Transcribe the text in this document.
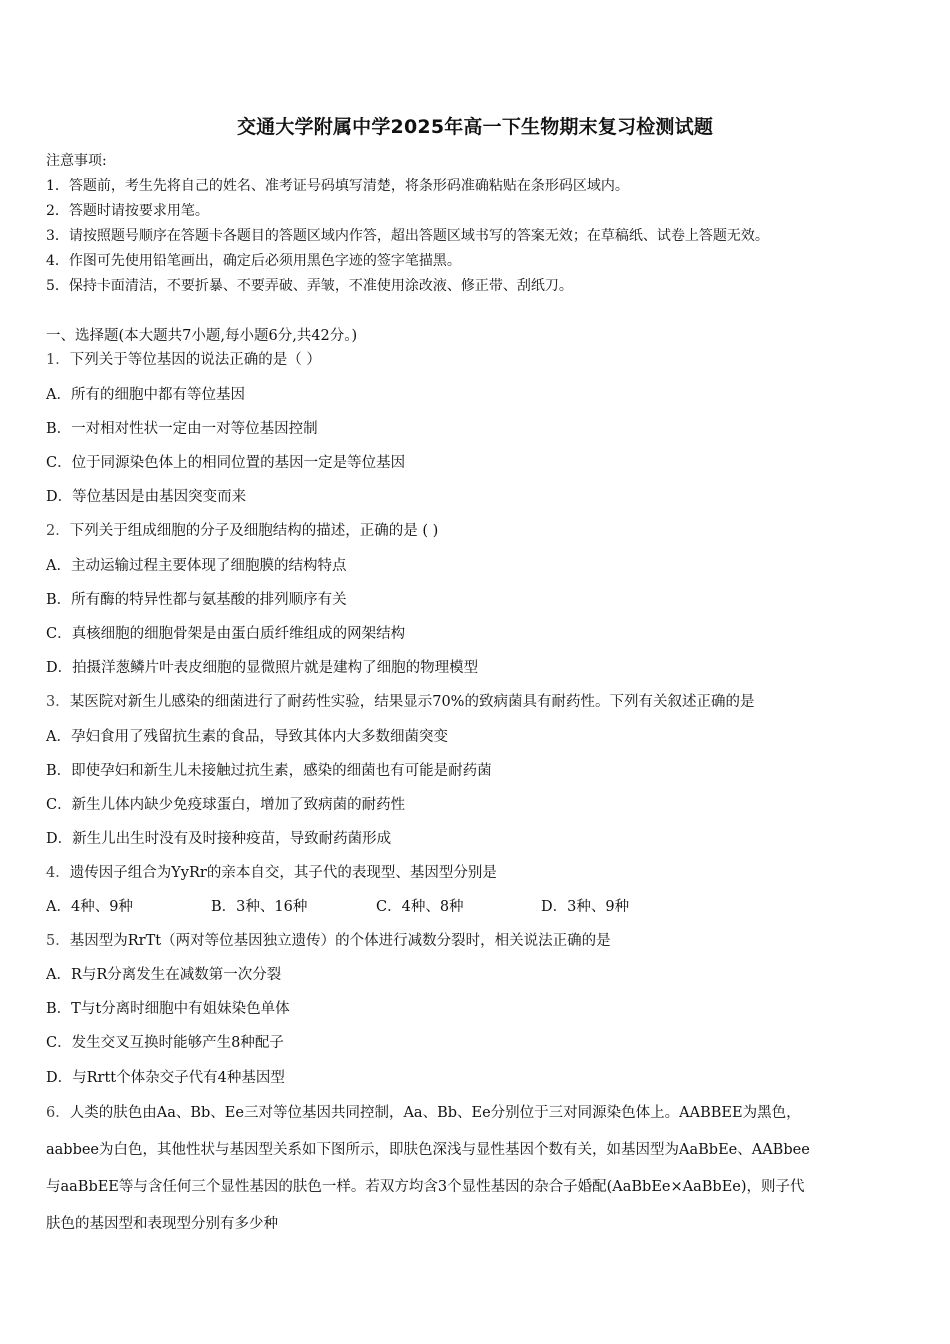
交通大学附属中学2025年高一下生物期末复习检测试题
注意事项:
1．答题前，考生先将自己的姓名、准考证号码填写清楚，将条形码准确粘贴在条形码区域内。
2．答题时请按要求用笔。
3．请按照题号顺序在答题卡各题目的答题区域内作答，超出答题区域书写的答案无效；在草稿纸、试卷上答题无效。
4．作图可先使用铅笔画出，确定后必须用黑色字迹的签字笔描黑。
5．保持卡面清洁，不要折暴、不要弄破、弄皱，不准使用涂改液、修正带、刮纸刀。
一、选择题(本大题共7小题,每小题6分,共42分。)
1．下列关于等位基因的说法正确的是（ ）
A．所有的细胞中都有等位基因
B．一对相对性状一定由一对等位基因控制
C．位于同源染色体上的相同位置的基因一定是等位基因
D．等位基因是由基因突变而来
2．下列关于组成细胞的分子及细胞结构的描述，正确的是 ( )
A．主动运输过程主要体现了细胞膜的结构特点
B．所有酶的特异性都与氨基酸的排列顺序有关
C．真核细胞的细胞骨架是由蛋白质纤维组成的网架结构
D．拍摄洋葱鳞片叶表皮细胞的显微照片就是建构了细胞的物理模型
3．某医院对新生儿感染的细菌进行了耐药性实验，结果显示70%的致病菌具有耐药性。下列有关叙述正确的是
A．孕妇食用了残留抗生素的食品，导致其体内大多数细菌突变
B．即使孕妇和新生儿未接触过抗生素，感染的细菌也有可能是耐药菌
C．新生儿体内缺少免疫球蛋白，增加了致病菌的耐药性
D．新生儿出生时没有及时接种疫苗，导致耐药菌形成
4．遗传因子组合为YyRr的亲本自交，其子代的表现型、基因型分别是
A．4种、9种	B．3种、16种	C．4种、8种	D．3种、9种
5．基因型为RrTt（两对等位基因独立遗传）的个体进行减数分裂时，相关说法正确的是
A．R与R分离发生在减数第一次分裂
B．T与t分离时细胞中有姐妹染色单体
C．发生交叉互换时能够产生8种配子
D．与Rrtt个体杂交子代有4种基因型
6．人类的肤色由Aa、Bb、Ee三对等位基因共同控制，Aa、Bb、Ee分别位于三对同源染色体上。AABBEE为黑色，
aabbee为白色，其他性状与基因型关系如下图所示，即肤色深浅与显性基因个数有关，如基因型为AaBbEe、AABbee
与aaBbEE等与含任何三个显性基因的肤色一样。若双方均含3个显性基因的杂合子婚配(AaBbEe×AaBbEe)，则子代
肤色的基因型和表现型分别有多少种
